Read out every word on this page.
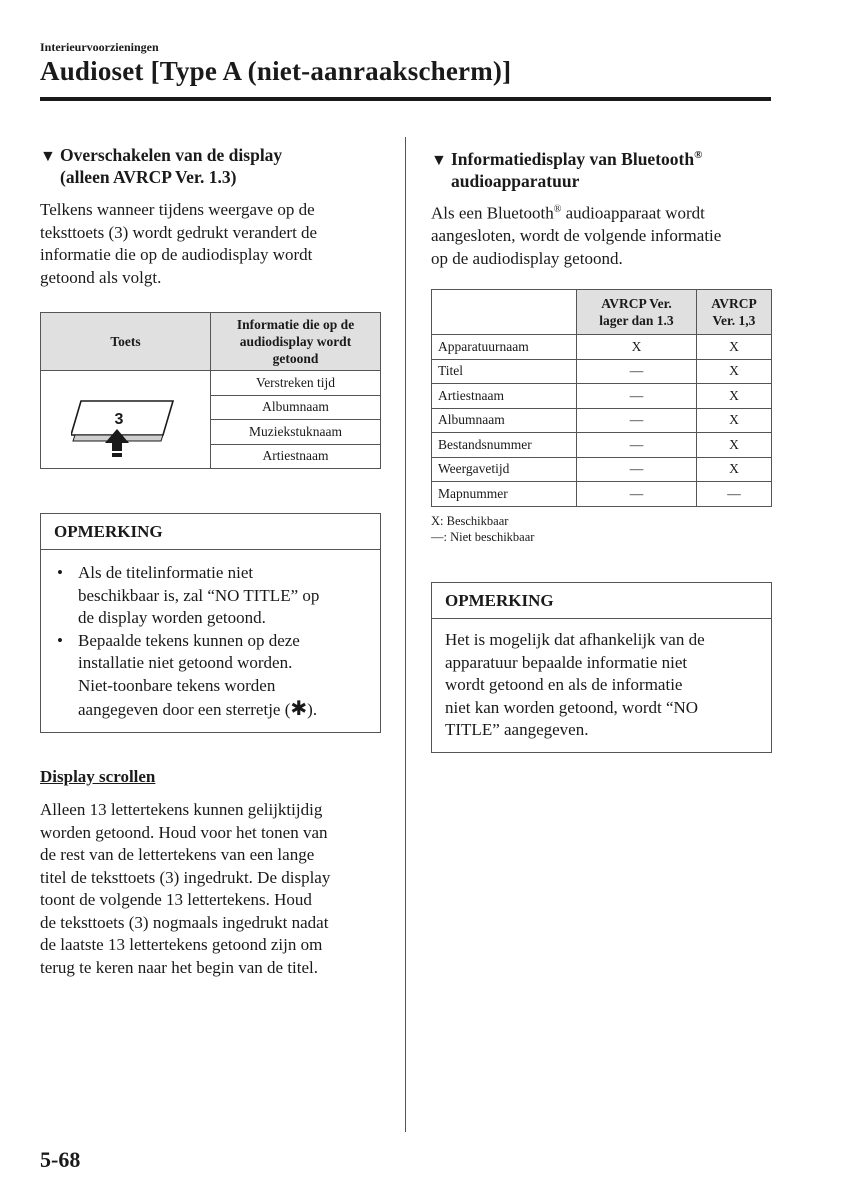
Interieurvoorzieningen
Audioset [Type A (niet-aanraakscherm)]
▼ Overschakelen van de display
(alleen AVRCP Ver. 1.3)
Telkens wanneer tijdens weergave op de
teksttoets (3) wordt gedrukt verandert de
informatie die op de audiodisplay wordt
getoond als volgt.
Toets	Informatie die op de audiodisplay wordt getoond

3	Verstreken tijd
	Albumnaam
	Muziekstuknaam
	Artiestnaam
OPMERKING
• Als de titelinformatie niet
beschikbaar is, zal “NO TITLE” op
de display worden getoond.
• Bepaalde tekens kunnen op deze
installatie niet getoond worden.
Niet-toonbare tekens worden
aangegeven door een sterretje (✱).
Display scrollen
Alleen 13 lettertekens kunnen gelijktijdig
worden getoond. Houd voor het tonen van
de rest van de lettertekens van een lange
titel de teksttoets (3) ingedrukt. De display
toont de volgende 13 lettertekens. Houd
de teksttoets (3) nogmaals ingedrukt nadat
de laatste 13 lettertekens getoond zijn om
terug te keren naar het begin van de titel.
▼ Informatiedisplay van Bluetooth®
audioapparatuur
Als een Bluetooth® audioapparaat wordt
aangesloten, wordt de volgende informatie
op de audiodisplay getoond.
	AVRCP Ver. lager dan 1.3	AVRCP Ver. 1,3
Apparatuurnaam	X	X
Titel	—	X
Artiestnaam	—	X
Albumnaam	—	X
Bestandsnummer	—	X
Weergavetijd	—	X
Mapnummer	—	—
X: Beschikbaar
—: Niet beschikbaar
OPMERKING
Het is mogelijk dat afhankelijk van de
apparatuur bepaalde informatie niet
wordt getoond en als de informatie
niet kan worden getoond, wordt “NO
TITLE” aangegeven.
5-68
